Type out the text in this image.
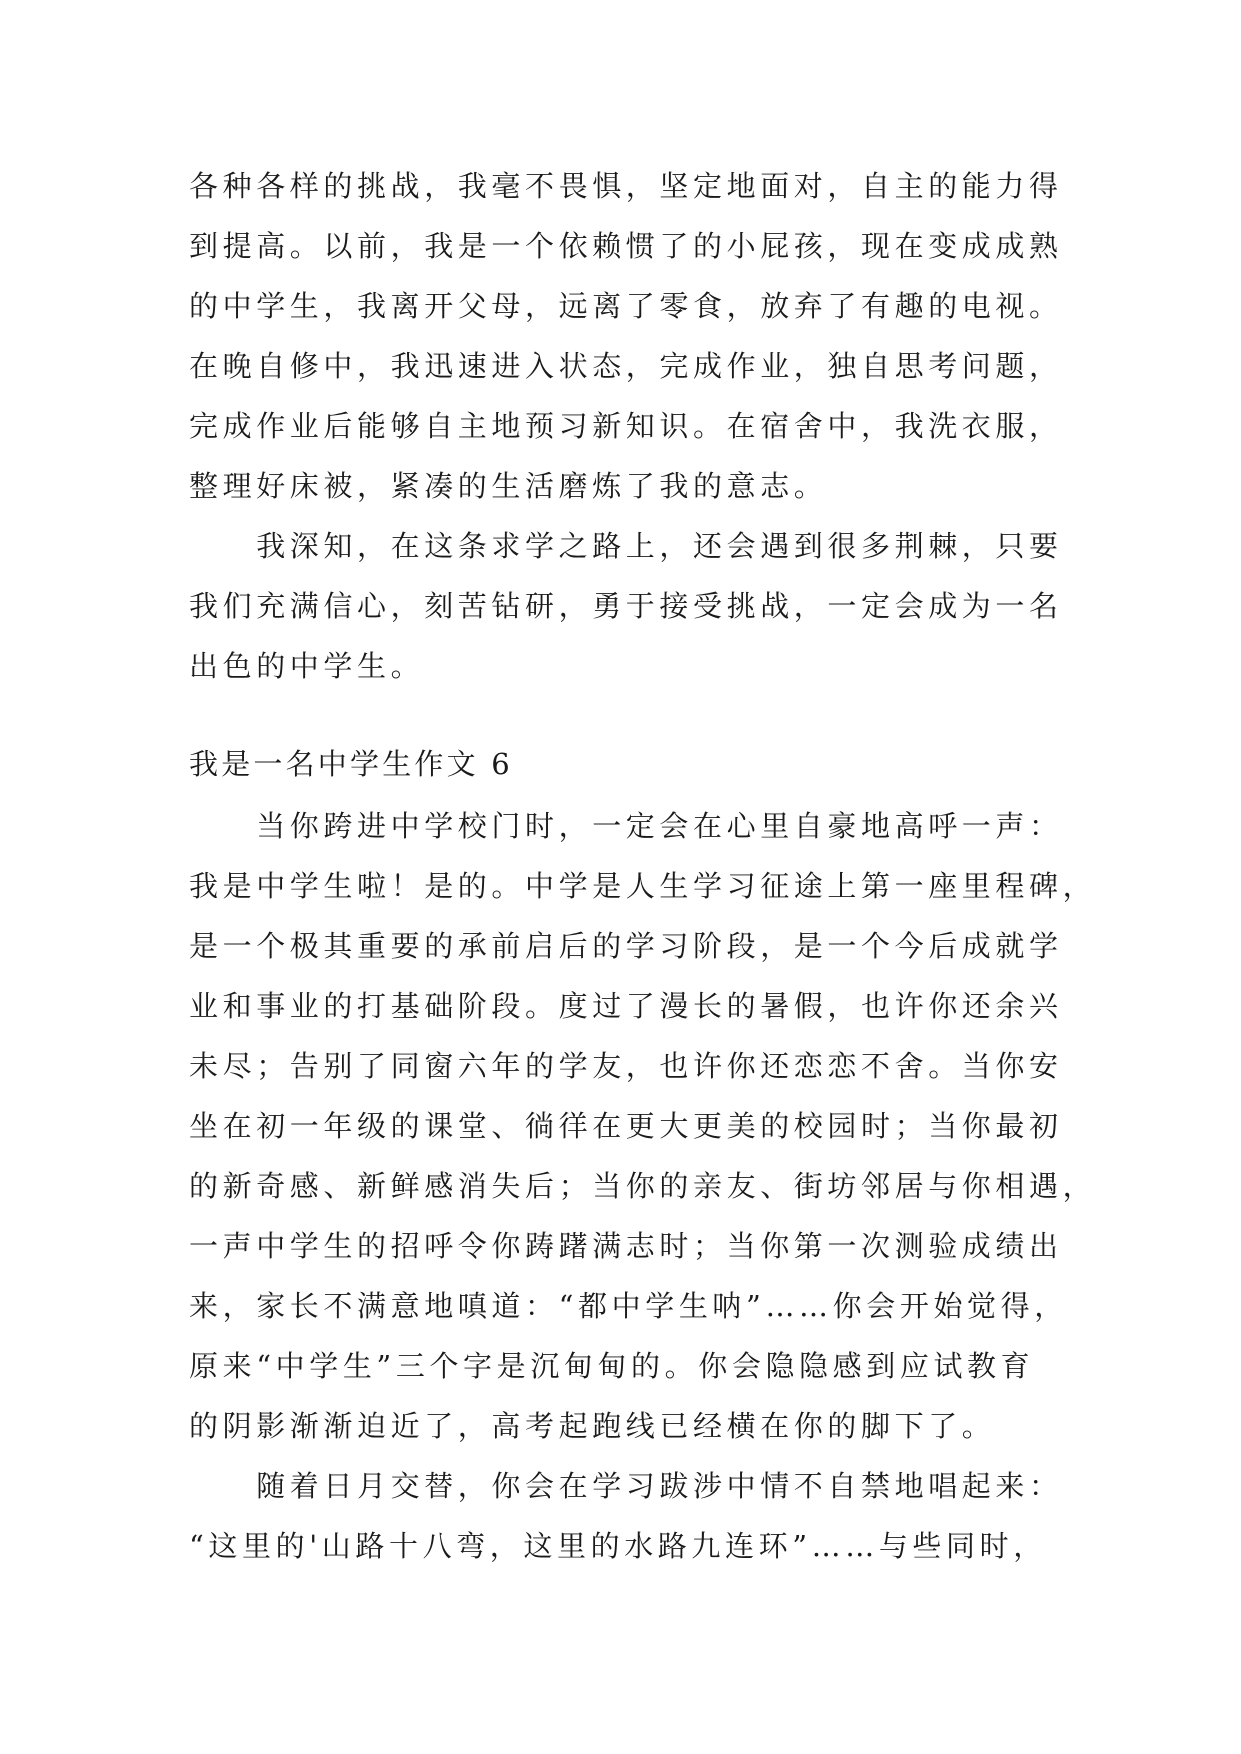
各种各样的挑战，我毫不畏惧，坚定地面对，自主的能力得
到提高。以前，我是一个依赖惯了的小屁孩，现在变成成熟
的中学生，我离开父母，远离了零食，放弃了有趣的电视。
在晚自修中，我迅速进入状态，完成作业，独自思考问题，
完成作业后能够自主地预习新知识。在宿舍中，我洗衣服，
整理好床被，紧凑的生活磨炼了我的意志。
　　我深知，在这条求学之路上，还会遇到很多荆棘，只要
我们充满信心，刻苦钻研，勇于接受挑战，一定会成为一名
出色的中学生。
我是一名中学生作文 6
　　当你跨进中学校门时，一定会在心里自豪地高呼一声：
我是中学生啦！是的。中学是人生学习征途上第一座里程碑，
是一个极其重要的承前启后的学习阶段，是一个今后成就学
业和事业的打基础阶段。度过了漫长的暑假，也许你还余兴
未尽；告别了同窗六年的学友，也许你还恋恋不舍。当你安
坐在初一年级的课堂、徜徉在更大更美的校园时；当你最初
的新奇感、新鲜感消失后；当你的亲友、街坊邻居与你相遇，
一声中学生的招呼令你踌躇满志时；当你第一次测验成绩出
来，家长不满意地嗔道：“都中学生呐”……你会开始觉得，
原来“中学生”三个字是沉甸甸的。你会隐隐感到应试教育
的阴影渐渐迫近了，高考起跑线已经横在你的脚下了。
　　随着日月交替，你会在学习跋涉中情不自禁地唱起来：
“这里的'山路十八弯，这里的水路九连环”……与些同时，
